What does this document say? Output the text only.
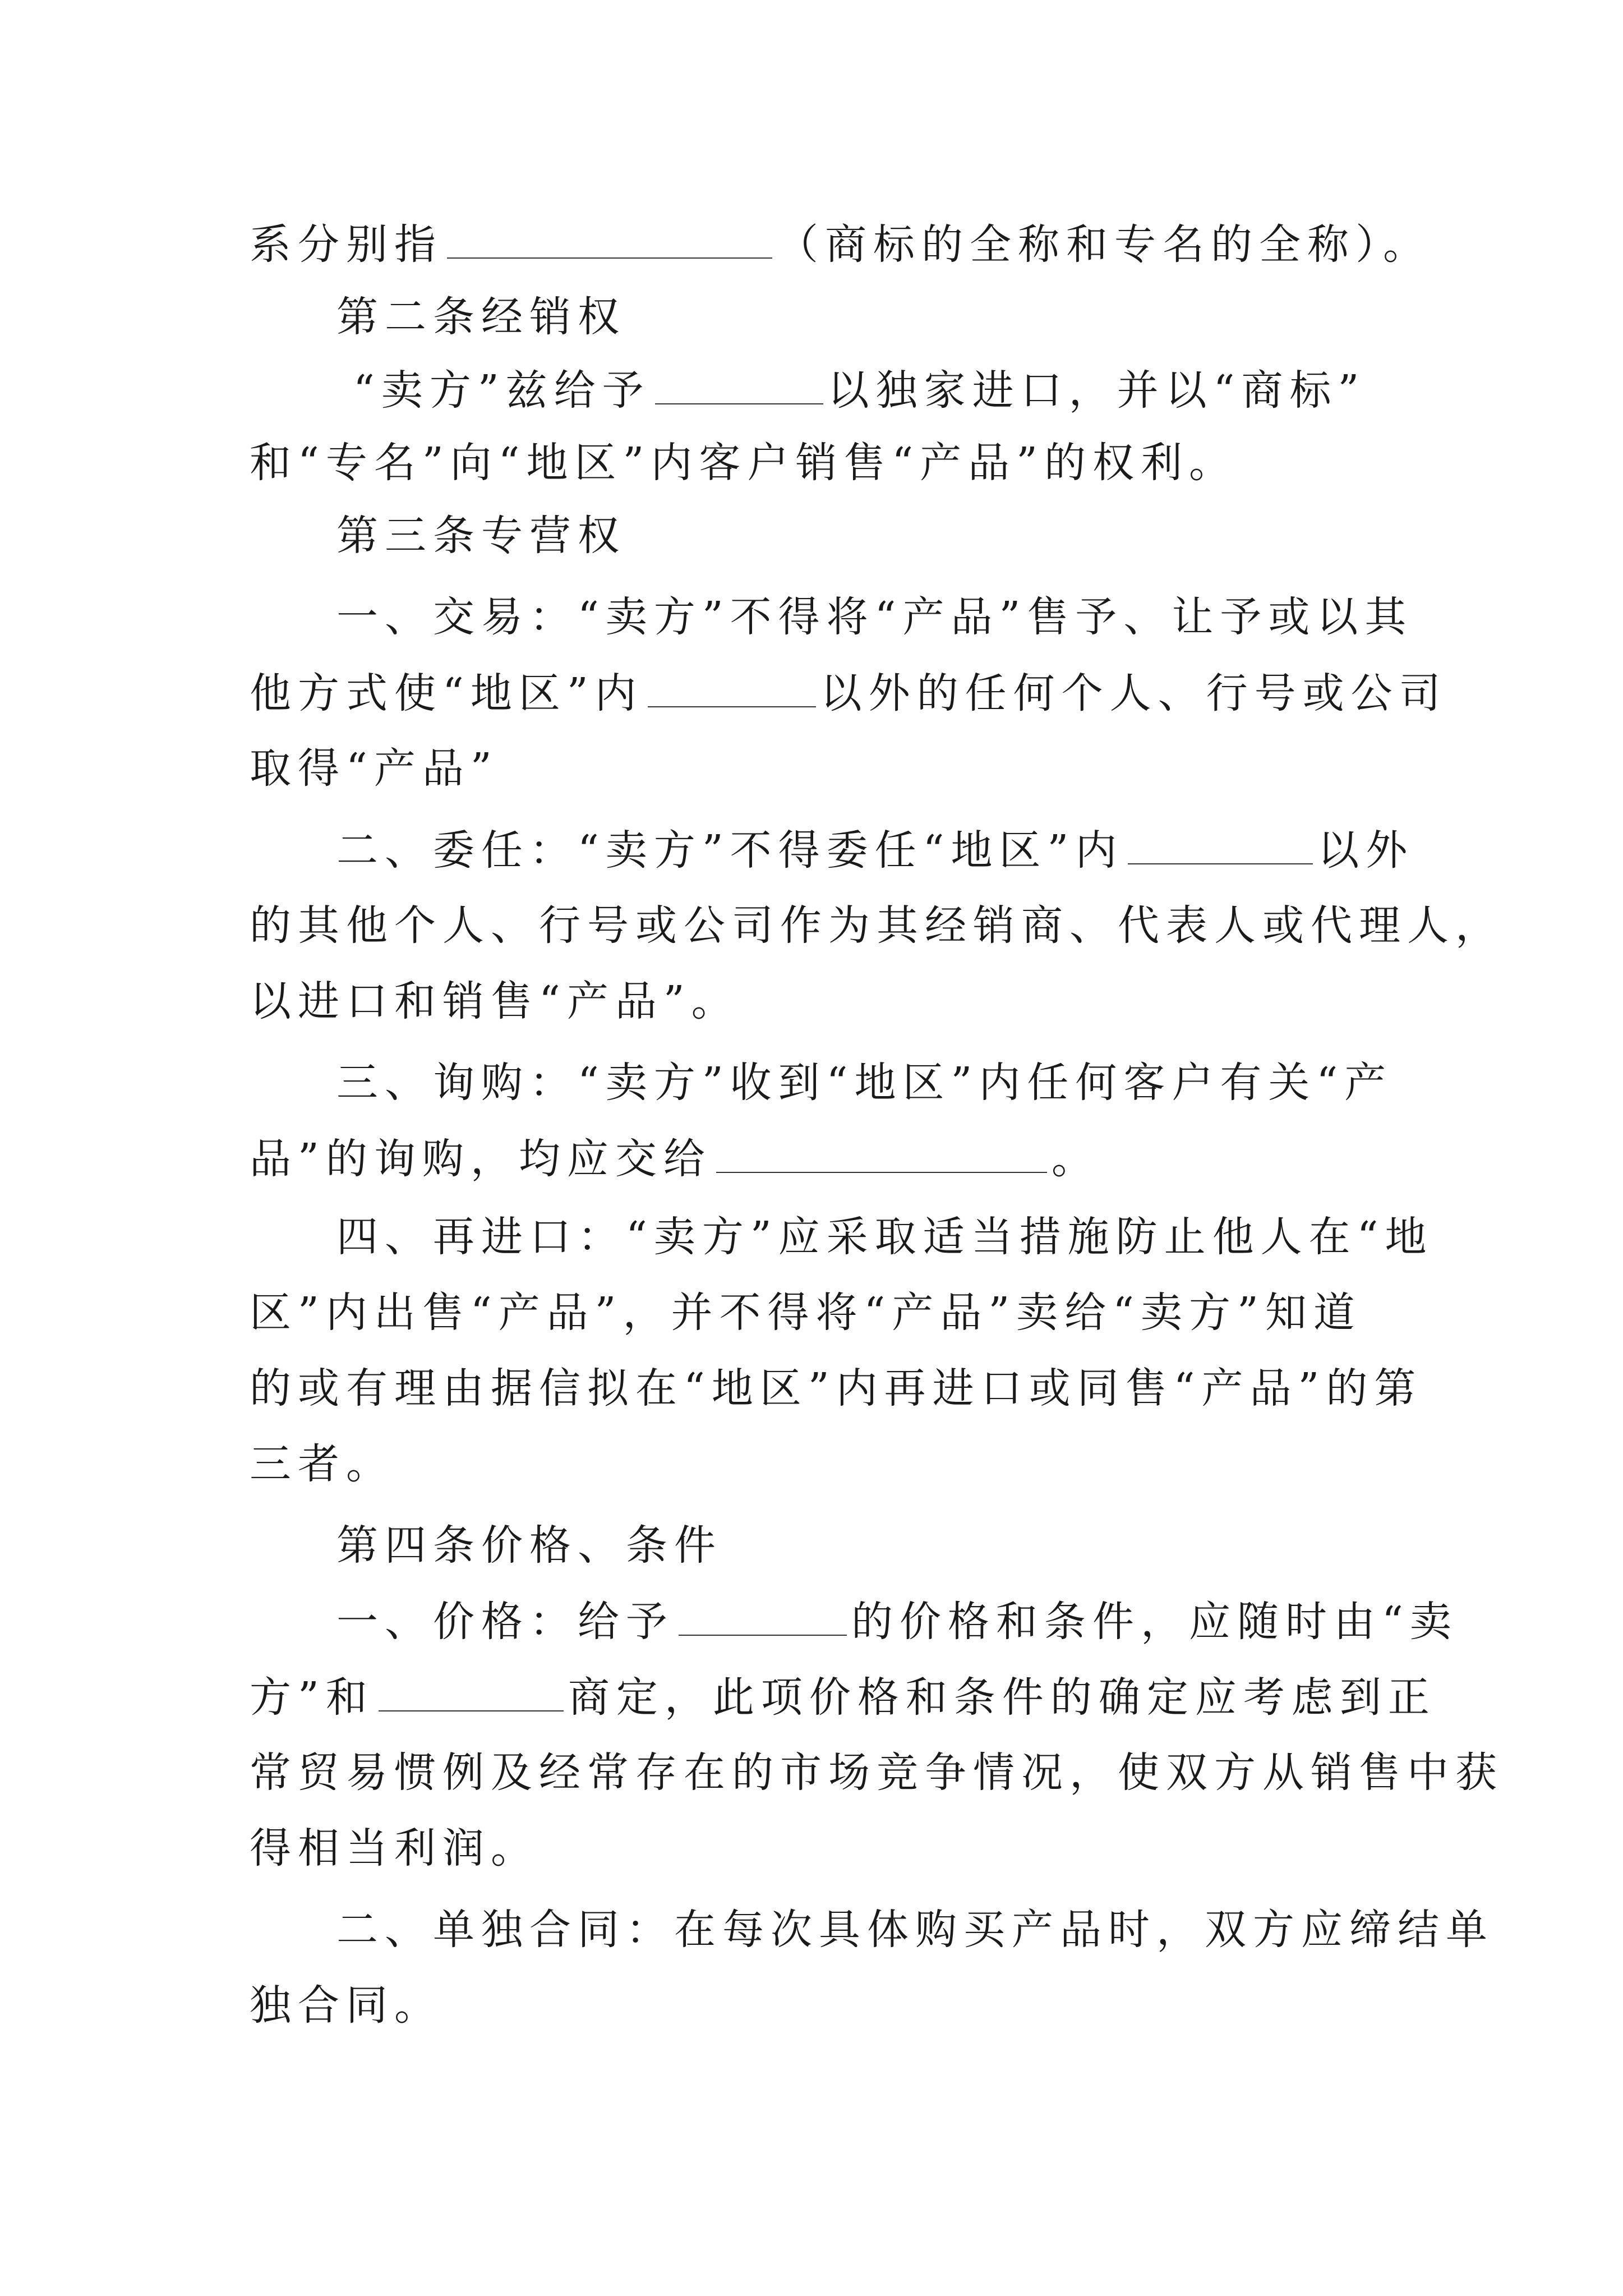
系分别指	（商标的全称和专名的全称）。
第二条经销权
“卖方”兹给予	以独家进口，并以“商标”
和“专名”向“地区”内客户销售“产品”的权利。
第三条专营权
一、交易：“卖方”不得将“产品”售予、让予或以其
他方式使“地区”内	以外的任何个人、行号或公司
取得“产品”
二、委任：“卖方”不得委任“地区”内	以外
的其他个人、行号或公司作为其经销商、代表人或代理人，
以进口和销售“产品”。
三、询购：“卖方”收到“地区”内任何客户有关“产
品”的询购，均应交给	。
四、再进口：“卖方”应采取适当措施防止他人在“地
区”内出售“产品”，并不得将“产品”卖给“卖方”知道
的或有理由据信拟在“地区”内再进口或同售“产品”的第
三者。
第四条价格、条件
一、价格：给予	的价格和条件，应随时由“卖
方”和	商定，此项价格和条件的确定应考虑到正
常贸易惯例及经常存在的市场竞争情况，使双方从销售中获
得相当利润。
二、单独合同：在每次具体购买产品时，双方应缔结单
独合同。
